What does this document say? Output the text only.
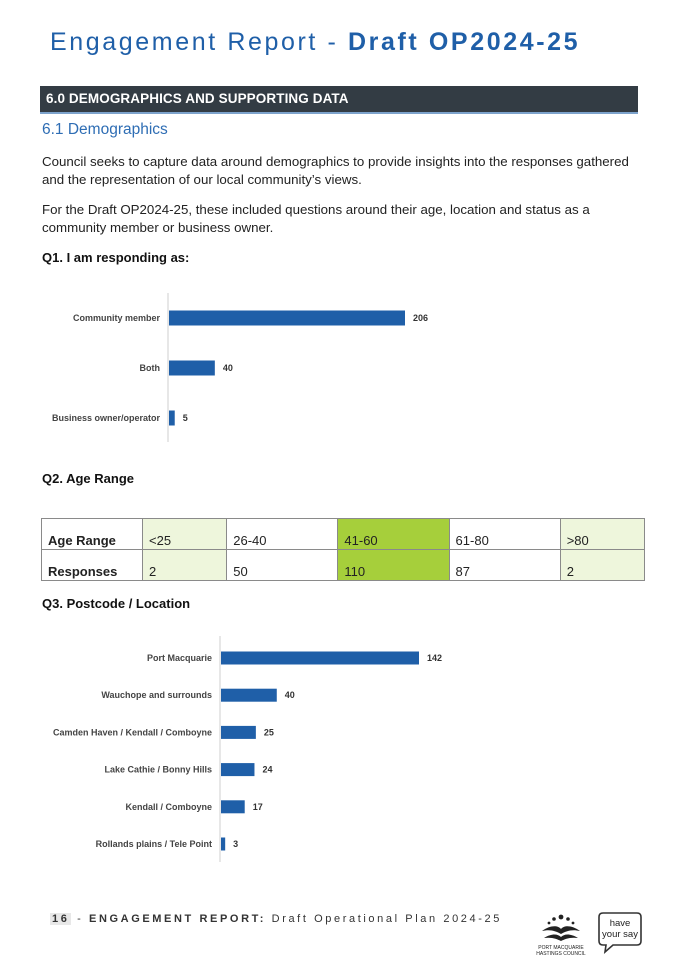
Engagement Report - Draft OP2024-25
6.0 DEMOGRAPHICS AND SUPPORTING DATA
6.1 Demographics
Council seeks to capture data around demographics to provide insights into the responses gathered and the representation of our local community’s views.
For the Draft OP2024-25, these included questions around their age, location and status as a community member or business owner.
Q1. I am responding as:
Community member	206
Both	40
Business owner/operator	5
Q2. Age Range
Age Range	<25	26-40	41-60	61-80	>80
Responses	2	50	110	87	2
Q3. Postcode / Location
Port Macquarie	142
Wauchope and surrounds	40
Camden Haven / Kendall / Comboyne	25
Lake Cathie / Bonny Hills	24
Kendall / Comboyne	17
Rollands plains / Tele Point 3
16 - ENGAGEMENT REPORT: Draft Operational Plan 2024-25
PORT MACQUARIE
HASTINGS COUNCIL
have
your say
